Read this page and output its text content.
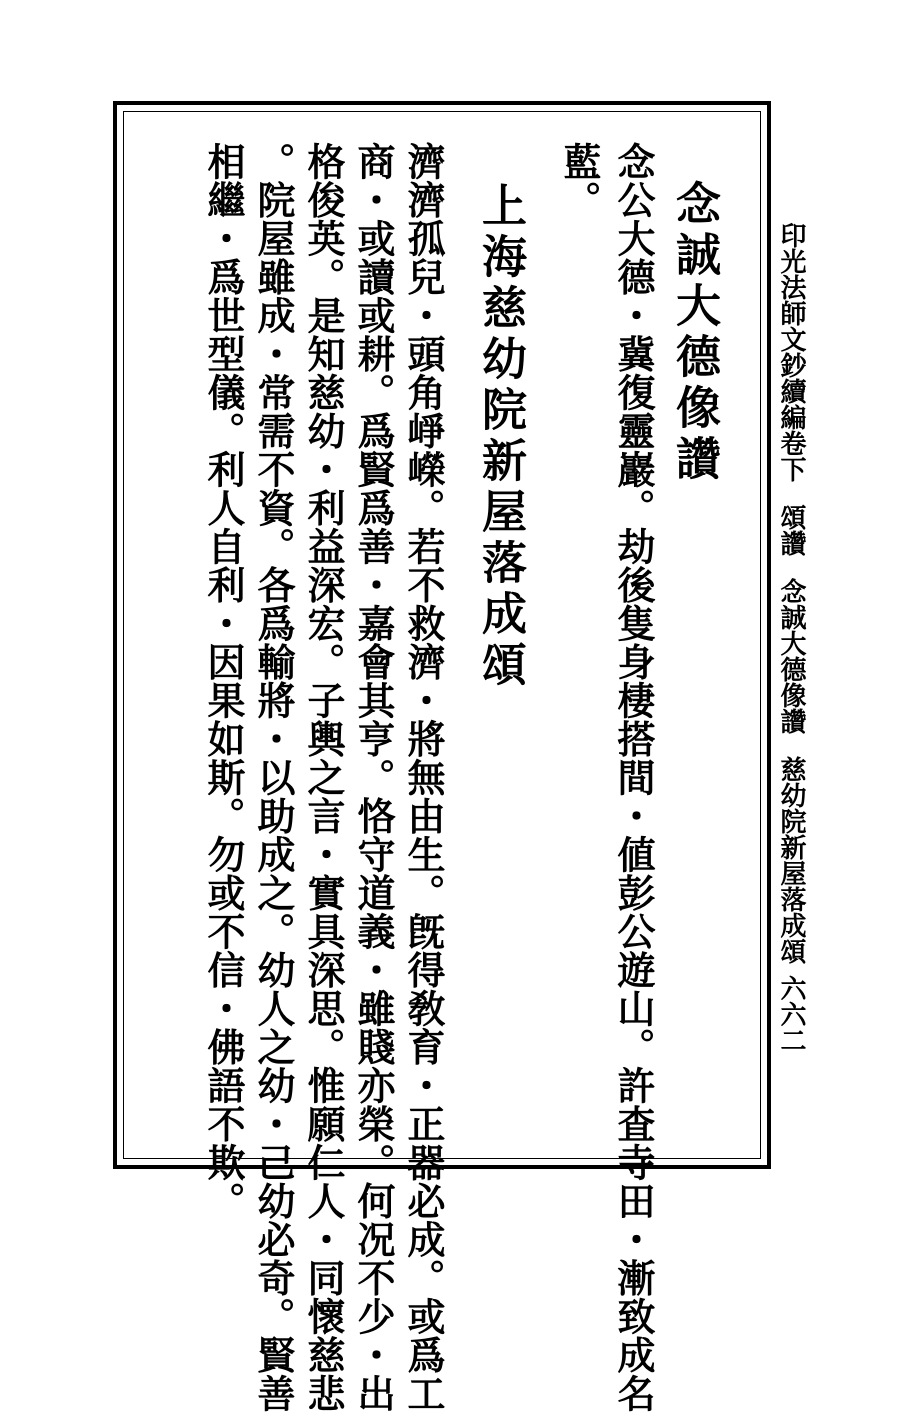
印光法師文鈔續編卷下頌讚念誠大德像讚慈幼院新屋落成頌
六六二
念誠大德像讚
念公大德・冀復靈巖。劫後隻身棲搭間・値彭公遊山。許査寺田・漸致成名
藍。
上海慈幼院新屋落成頌
濟濟孤兒・頭角崢嶸。若不救濟・將無由生。旣得敎育・正器必成。或爲工
商・或讀或耕。爲賢爲善・嘉會其亨。恪守道義・雖賤亦榮。何况不少・出
格俊英。是知慈幼・利益深宏。子輿之言・實具深思。惟願仁人・同懷慈悲
。院屋雖成・常需不資。各爲輸將・以助成之。幼人之幼・己幼必奇。賢善
相繼・爲世型儀。利人自利・因果如斯。勿或不信・佛語不欺。
